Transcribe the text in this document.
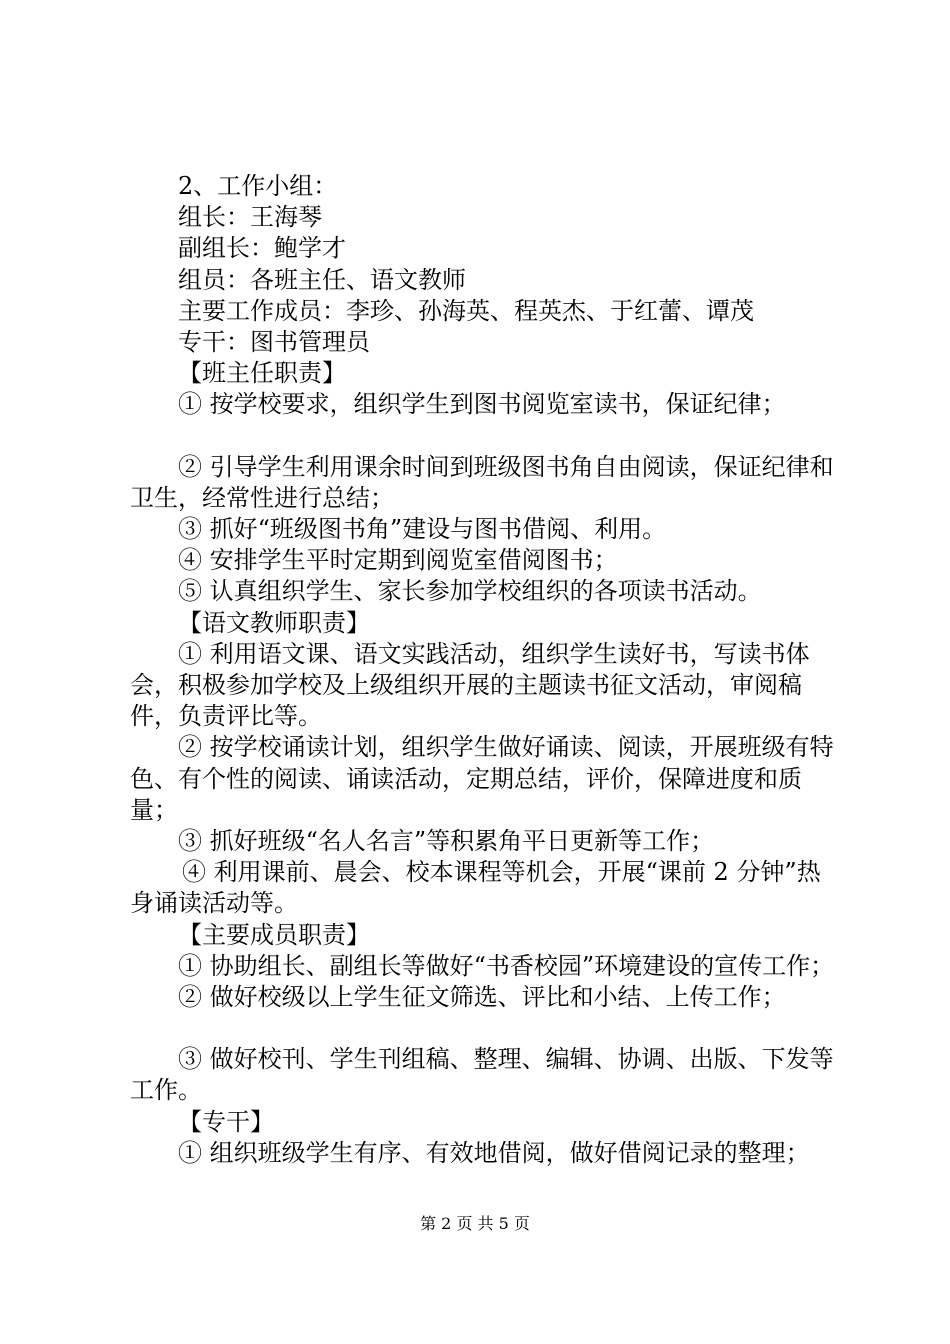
2、工作小组：

组长：王海琴

副组长：鲍学才

组员：各班主任、语文教师

主要工作成员：李珍、孙海英、程英杰、于红蕾、谭茂

专干：图书管理员

【班主任职责】

① 按学校要求，组织学生到图书阅览室读书，保证纪律；

② 引导学生利用课余时间到班级图书角自由阅读，保证纪律和卫生，经常性进行总结；

③ 抓好“班级图书角”建设与图书借阅、利用。

④ 安排学生平时定期到阅览室借阅图书；

⑤ 认真组织学生、家长参加学校组织的各项读书活动。

【语文教师职责】

① 利用语文课、语文实践活动，组织学生读好书，写读书体会，积极参加学校及上级组织开展的主题读书征文活动，审阅稿件，负责评比等。

② 按学校诵读计划，组织学生做好诵读、阅读，开展班级有特色、有个性的阅读、诵读活动，定期总结，评价，保障进度和质量；

③ 抓好班级“名人名言”等积累角平日更新等工作；

④ 利用课前、晨会、校本课程等机会，开展“课前 2 分钟”热身诵读活动等。

【主要成员职责】

① 协助组长、副组长等做好“书香校园”环境建设的宣传工作；

② 做好校级以上学生征文筛选、评比和小结、上传工作；

③ 做好校刊、学生刊组稿、整理、编辑、协调、出版、下发等工作。

【专干】

① 组织班级学生有序、有效地借阅，做好借阅记录的整理；

第 2 页 共 5 页
